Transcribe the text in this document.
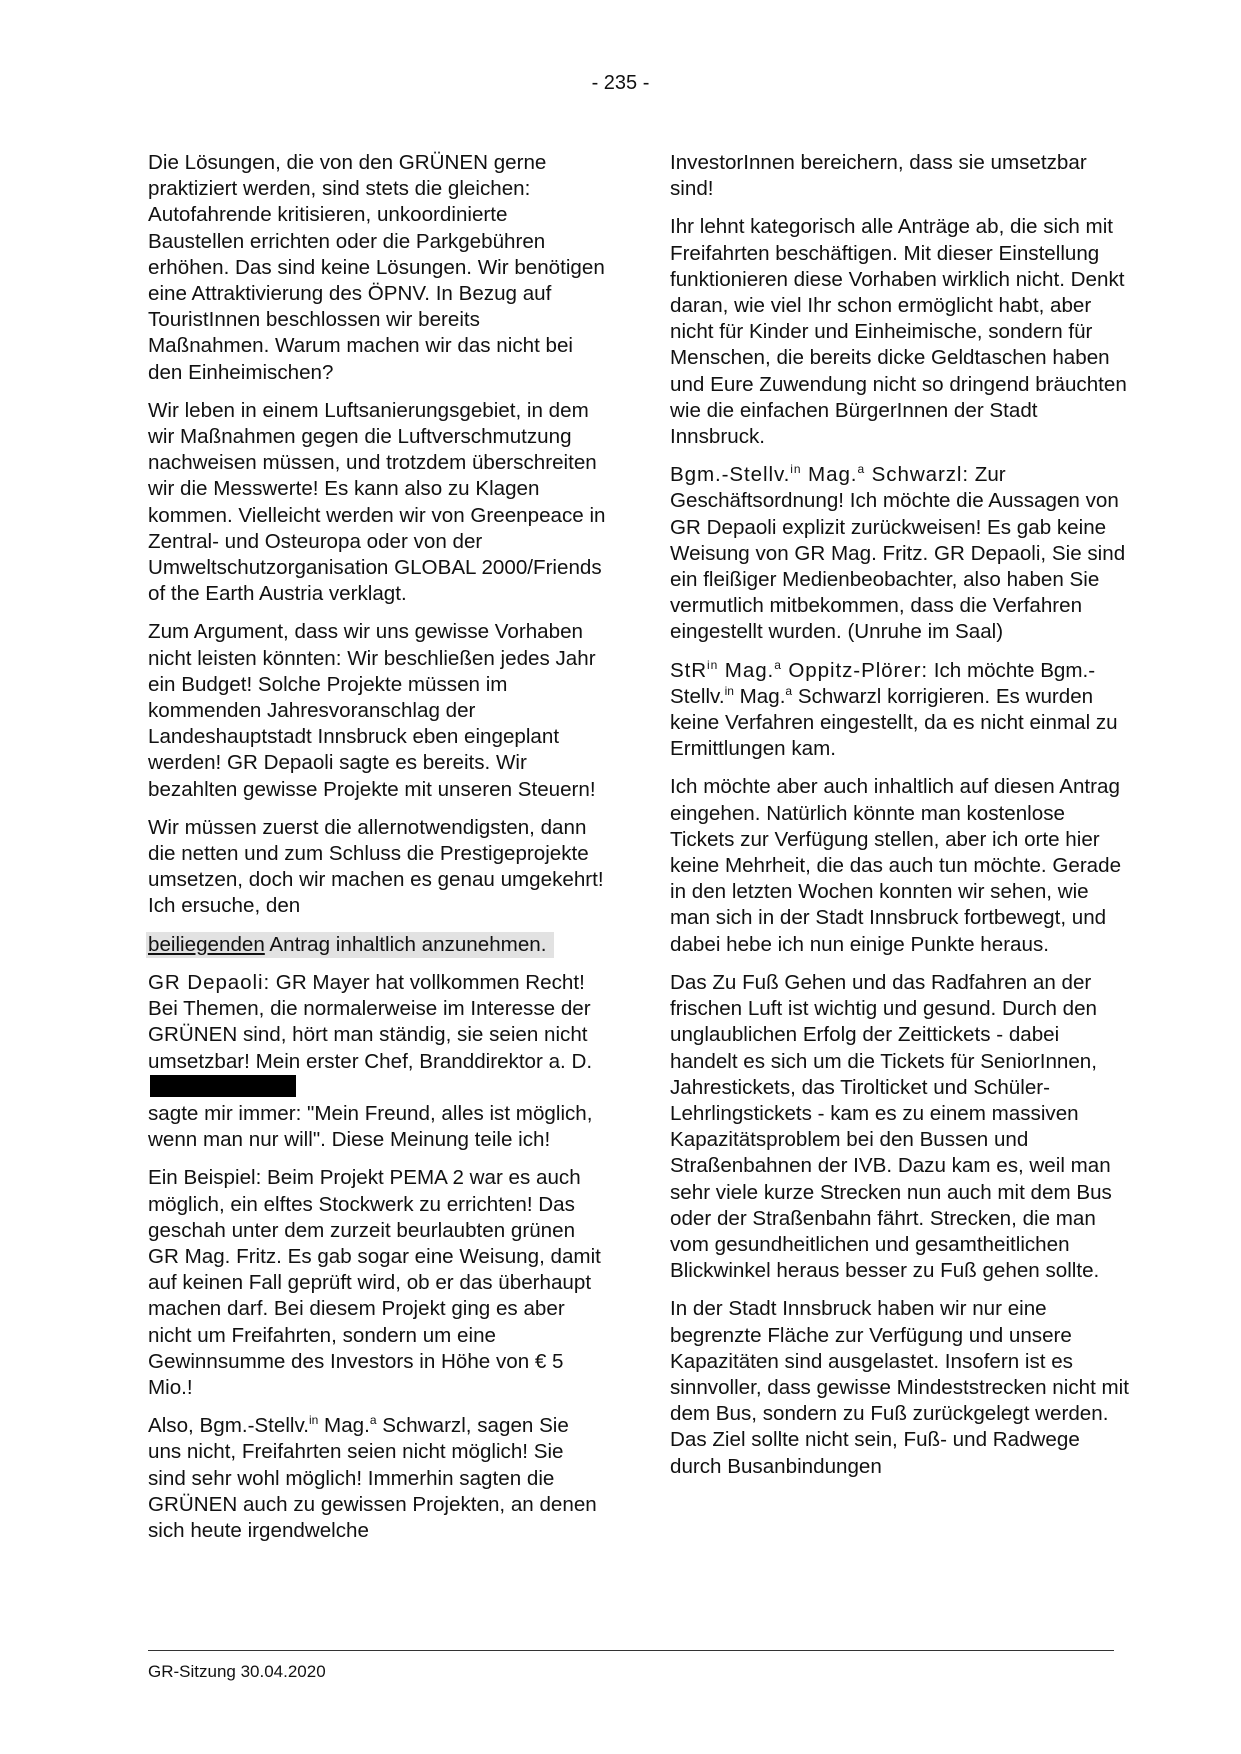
- 235 -

Die Lösungen, die von den GRÜNEN gerne praktiziert werden, sind stets die gleichen: Autofahrende kritisieren, unkoordinierte Baustellen errichten oder die Parkgebühren erhöhen. Das sind keine Lösungen. Wir benötigen eine Attraktivierung des ÖPNV. In Bezug auf TouristInnen beschlossen wir bereits Maßnahmen. Warum machen wir das nicht bei den Einheimischen?

Wir leben in einem Luftsanierungsgebiet, in dem wir Maßnahmen gegen die Luftverschmutzung nachweisen müssen, und trotzdem überschreiten wir die Messwerte! Es kann also zu Klagen kommen. Vielleicht werden wir von Greenpeace in Zentral- und Osteuropa oder von der Umweltschutzorganisation GLOBAL 2000/Friends of the Earth Austria verklagt.

Zum Argument, dass wir uns gewisse Vorhaben nicht leisten könnten: Wir beschließen jedes Jahr ein Budget! Solche Projekte müssen im kommenden Jahresvoranschlag der Landeshauptstadt Innsbruck eben eingeplant werden! GR Depaoli sagte es bereits. Wir bezahlten gewisse Projekte mit unseren Steuern!

Wir müssen zuerst die allernotwendigsten, dann die netten und zum Schluss die Prestigeprojekte umsetzen, doch wir machen es genau umgekehrt! Ich ersuche, den

beiliegenden Antrag inhaltlich anzunehmen.

GR Depaoli: GR Mayer hat vollkommen Recht! Bei Themen, die normalerweise im Interesse der GRÜNEN sind, hört man ständig, sie seien nicht umsetzbar! Mein erster Chef, Branddirektor a. D.
sagte mir immer: "Mein Freund, alles ist möglich, wenn man nur will". Diese Meinung teile ich!

Ein Beispiel: Beim Projekt PEMA 2 war es auch möglich, ein elftes Stockwerk zu errichten! Das geschah unter dem zurzeit beurlaubten grünen GR Mag. Fritz. Es gab sogar eine Weisung, damit auf keinen Fall geprüft wird, ob er das überhaupt machen darf. Bei diesem Projekt ging es aber nicht um Freifahrten, sondern um eine Gewinnsumme des Investors in Höhe von € 5 Mio.!

Also, Bgm.-Stellv.$^{in}$ Mag.$^a$ Schwarzl, sagen Sie uns nicht, Freifahrten seien nicht möglich! Sie sind sehr wohl möglich! Immerhin sagten die GRÜNEN auch zu gewissen Projekten, an denen sich heute irgendwelche

InvestorInnen bereichern, dass sie umsetzbar sind!

Ihr lehnt kategorisch alle Anträge ab, die sich mit Freifahrten beschäftigen. Mit dieser Einstellung funktionieren diese Vorhaben wirklich nicht. Denkt daran, wie viel Ihr schon ermöglicht habt, aber nicht für Kinder und Einheimische, sondern für Menschen, die bereits dicke Geldtaschen haben und Eure Zuwendung nicht so dringend bräuchten wie die einfachen BürgerInnen der Stadt Innsbruck.

Bgm.-Stellv.$^{in}$ Mag.$^a$ Schwarzl: Zur Geschäftsordnung! Ich möchte die Aussagen von GR Depaoli explizit zurückweisen! Es gab keine Weisung von GR Mag. Fritz. GR Depaoli, Sie sind ein fleißiger Medienbeobachter, also haben Sie vermutlich mitbekommen, dass die Verfahren eingestellt wurden. (Unruhe im Saal)

StR$^{in}$ Mag.$^a$ Oppitz-Plörer: Ich möchte Bgm.-Stellv.$^{in}$ Mag.$^a$ Schwarzl korrigieren. Es wurden keine Verfahren eingestellt, da es nicht einmal zu Ermittlungen kam.

Ich möchte aber auch inhaltlich auf diesen Antrag eingehen. Natürlich könnte man kostenlose Tickets zur Verfügung stellen, aber ich orte hier keine Mehrheit, die das auch tun möchte. Gerade in den letzten Wochen konnten wir sehen, wie man sich in der Stadt Innsbruck fortbewegt, und dabei hebe ich nun einige Punkte heraus.

Das Zu Fuß Gehen und das Radfahren an der frischen Luft ist wichtig und gesund. Durch den unglaublichen Erfolg der Zeittickets - dabei handelt es sich um die Tickets für SeniorInnen, Jahrestickets, das Tirolticket und Schüler- Lehrlingstickets - kam es zu einem massiven Kapazitätsproblem bei den Bussen und Straßenbahnen der IVB. Dazu kam es, weil man sehr viele kurze Strecken nun auch mit dem Bus oder der Straßenbahn fährt. Strecken, die man vom gesundheitlichen und gesamtheitlichen Blickwinkel heraus besser zu Fuß gehen sollte.

In der Stadt Innsbruck haben wir nur eine begrenzte Fläche zur Verfügung und unsere Kapazitäten sind ausgelastet. Insofern ist es sinnvoller, dass gewisse Mindeststrecken nicht mit dem Bus, sondern zu Fuß zurückgelegt werden. Das Ziel sollte nicht sein, Fuß- und Radwege durch Busanbindungen

GR-Sitzung 30.04.2020
